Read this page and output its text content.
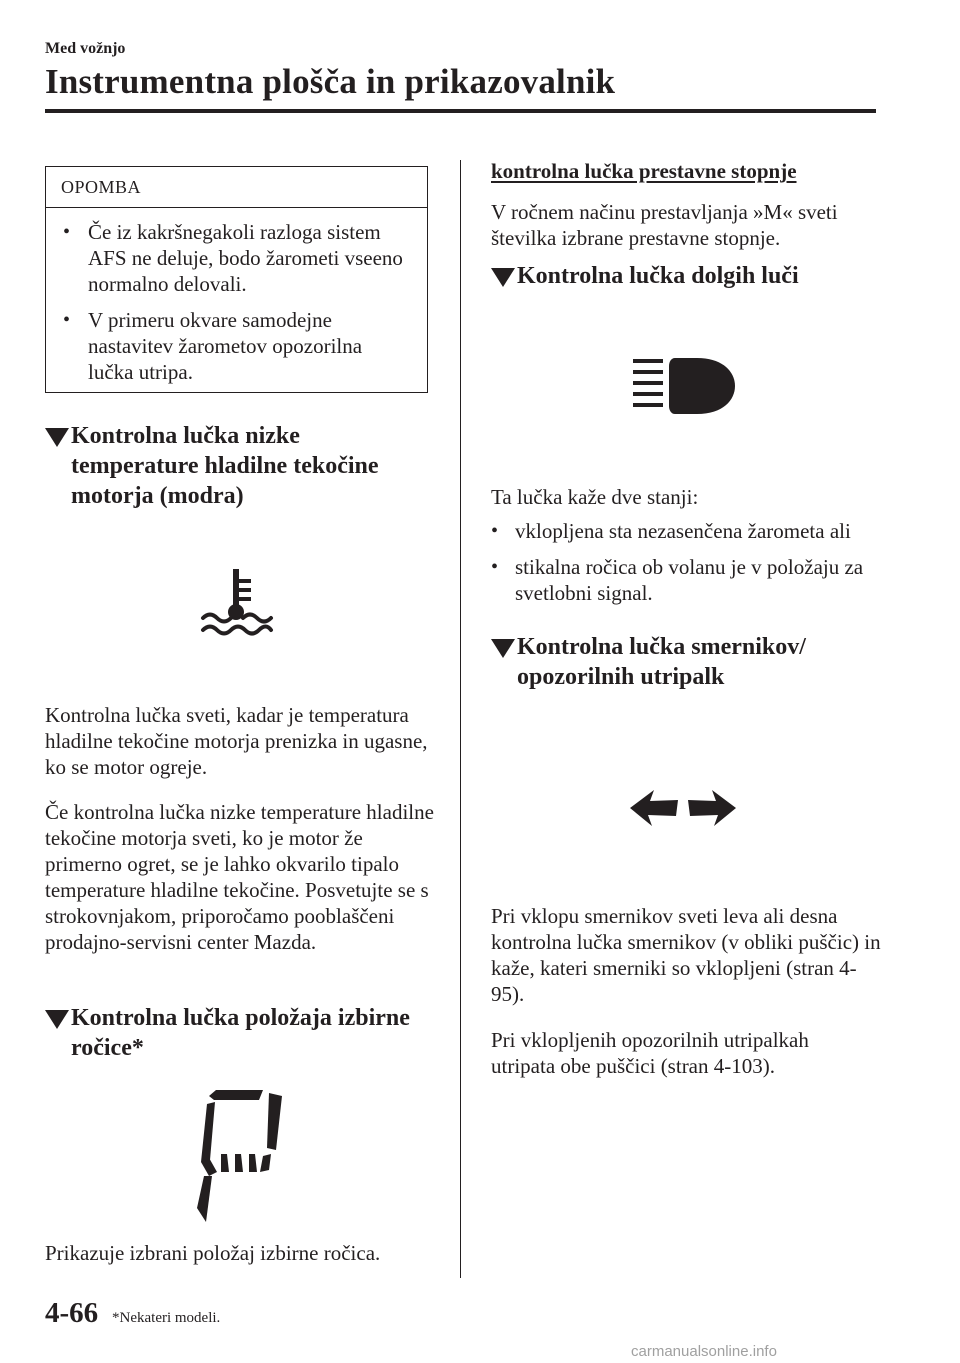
Med vožnjo
Instrumentna plošča in prikazovalnik
OPOMBA
• Če iz kakršnegakoli razloga sistem AFS ne deluje, bodo žarometi vseeno normalno delovali.
• V primeru okvare samodejne nastavitev žarometov opozorilna lučka utripa.
Kontrolna lučka nizke temperature hladilne tekočine motorja (modra)
Kontrolna lučka sveti, kadar je temperatura hladilne tekočine motorja prenizka in ugasne, ko se motor ogreje.
Če kontrolna lučka nizke temperature hladilne tekočine motorja sveti, ko je motor že primerno ogret, se je lahko okvarilo tipalo temperature hladilne tekočine. Posvetujte se s strokovnjakom, priporočamo pooblaščeni prodajno-servisni center Mazda.
Kontrolna lučka položaja izbirne ročice*
Prikazuje izbrani položaj izbirne ročica.
kontrolna lučka prestavne stopnje
V ročnem načinu prestavljanja »M« sveti številka izbrane prestavne stopnje.
Kontrolna lučka dolgih luči
Ta lučka kaže dve stanji:
• vklopljena sta nezasenčena žarometa ali
• stikalna ročica ob volanu je v položaju za svetlobni signal.
Kontrolna lučka smernikov/ opozorilnih utripalk
Pri vklopu smernikov sveti leva ali desna kontrolna lučka smernikov (v obliki puščic) in kaže, kateri smerniki so vklopljeni (stran 4-95).
Pri vklopljenih opozorilnih utripalkah utripata obe puščici (stran 4-103).
4-66 *Nekateri modeli.
carmanualsonline.info
